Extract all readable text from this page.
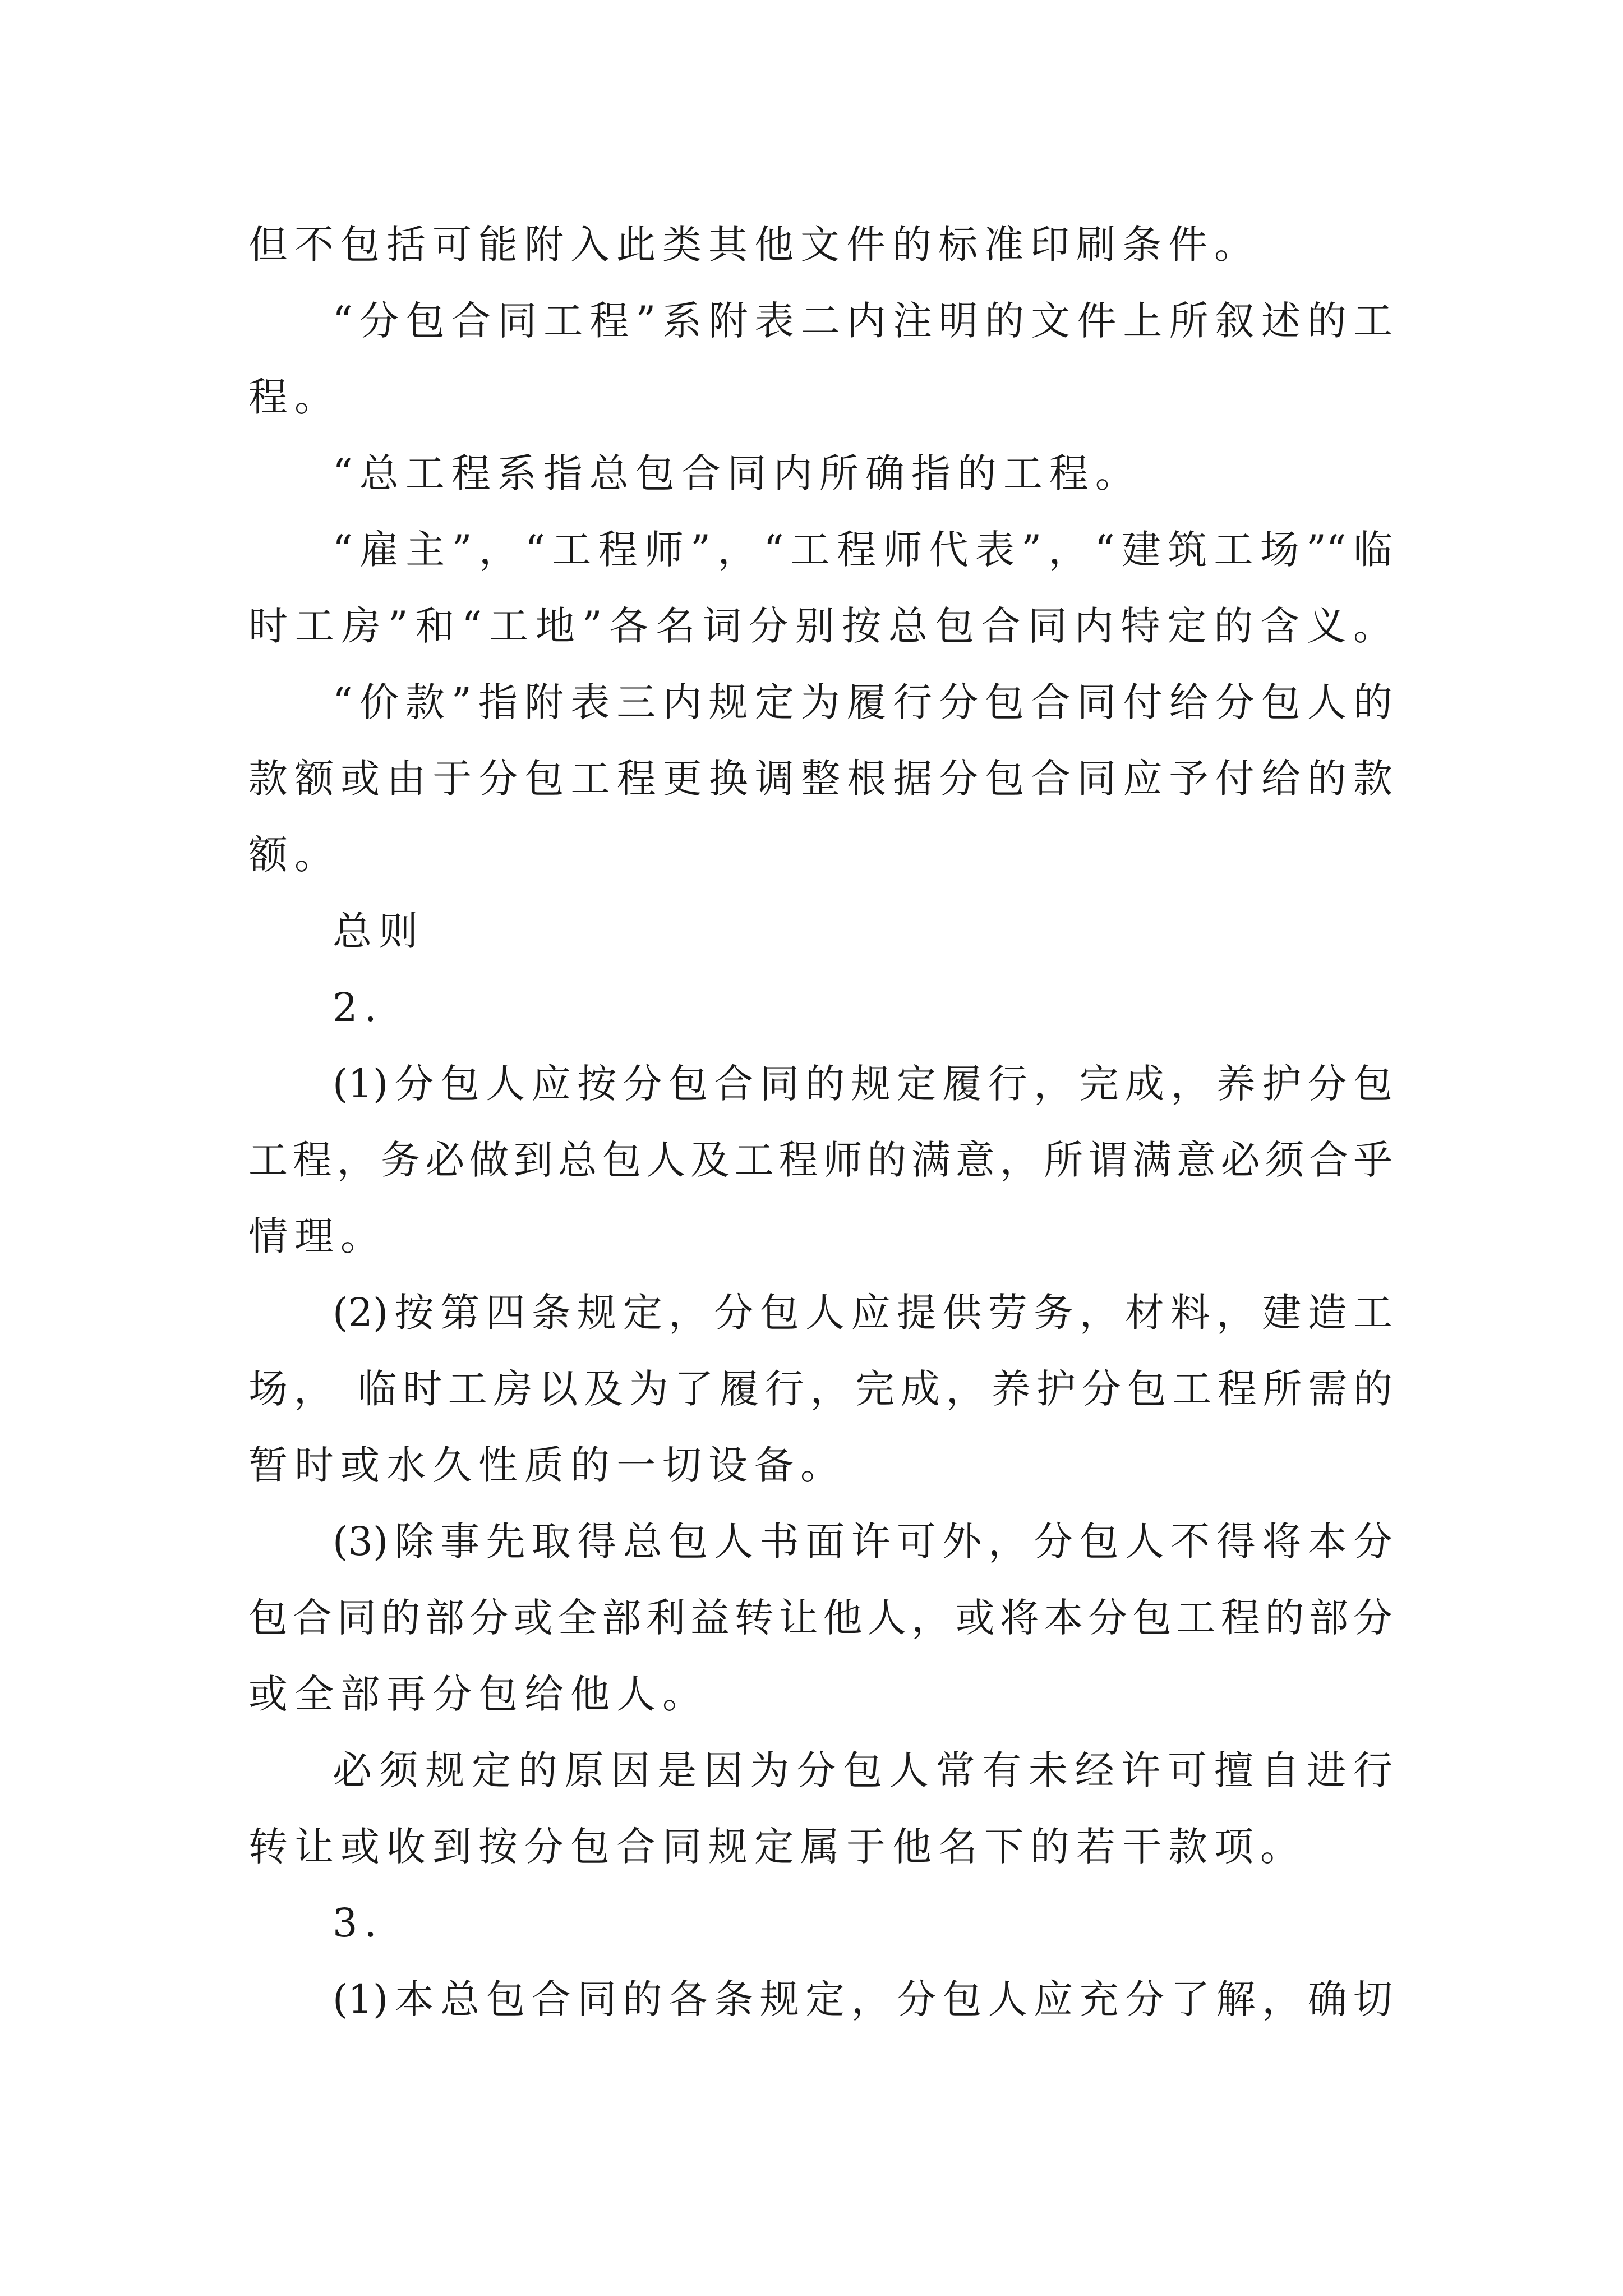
但不包括可能附入此类其他文件的标准印刷条件。
“分包合同工程”系附表二内注明的文件上所叙述的工
程。
“总工程系指总包合同内所确指的工程。
“雇主”，“工程师”，“工程师代表”，“建筑工场”“临
时工房”和“工地”各名词分别按总包合同内特定的含义。
“价款”指附表三内规定为履行分包合同付给分包人的
款额或由于分包工程更换调整根据分包合同应予付给的款
额。
总则
2.
(1)分包人应按分包合同的规定履行，完成，养护分包
工程，务必做到总包人及工程师的满意，所谓满意必须合乎
情理。
(2)按第四条规定，分包人应提供劳务，材料，建造工
场， 临时工房以及为了履行，完成，养护分包工程所需的
暂时或水久性质的一切设备。
(3)除事先取得总包人书面许可外，分包人不得将本分
包合同的部分或全部利益转让他人，或将本分包工程的部分
或全部再分包给他人。
必须规定的原因是因为分包人常有未经许可擅自进行
转让或收到按分包合同规定属于他名下的若干款项。
3.
(1)本总包合同的各条规定，分包人应充分了解，确切
